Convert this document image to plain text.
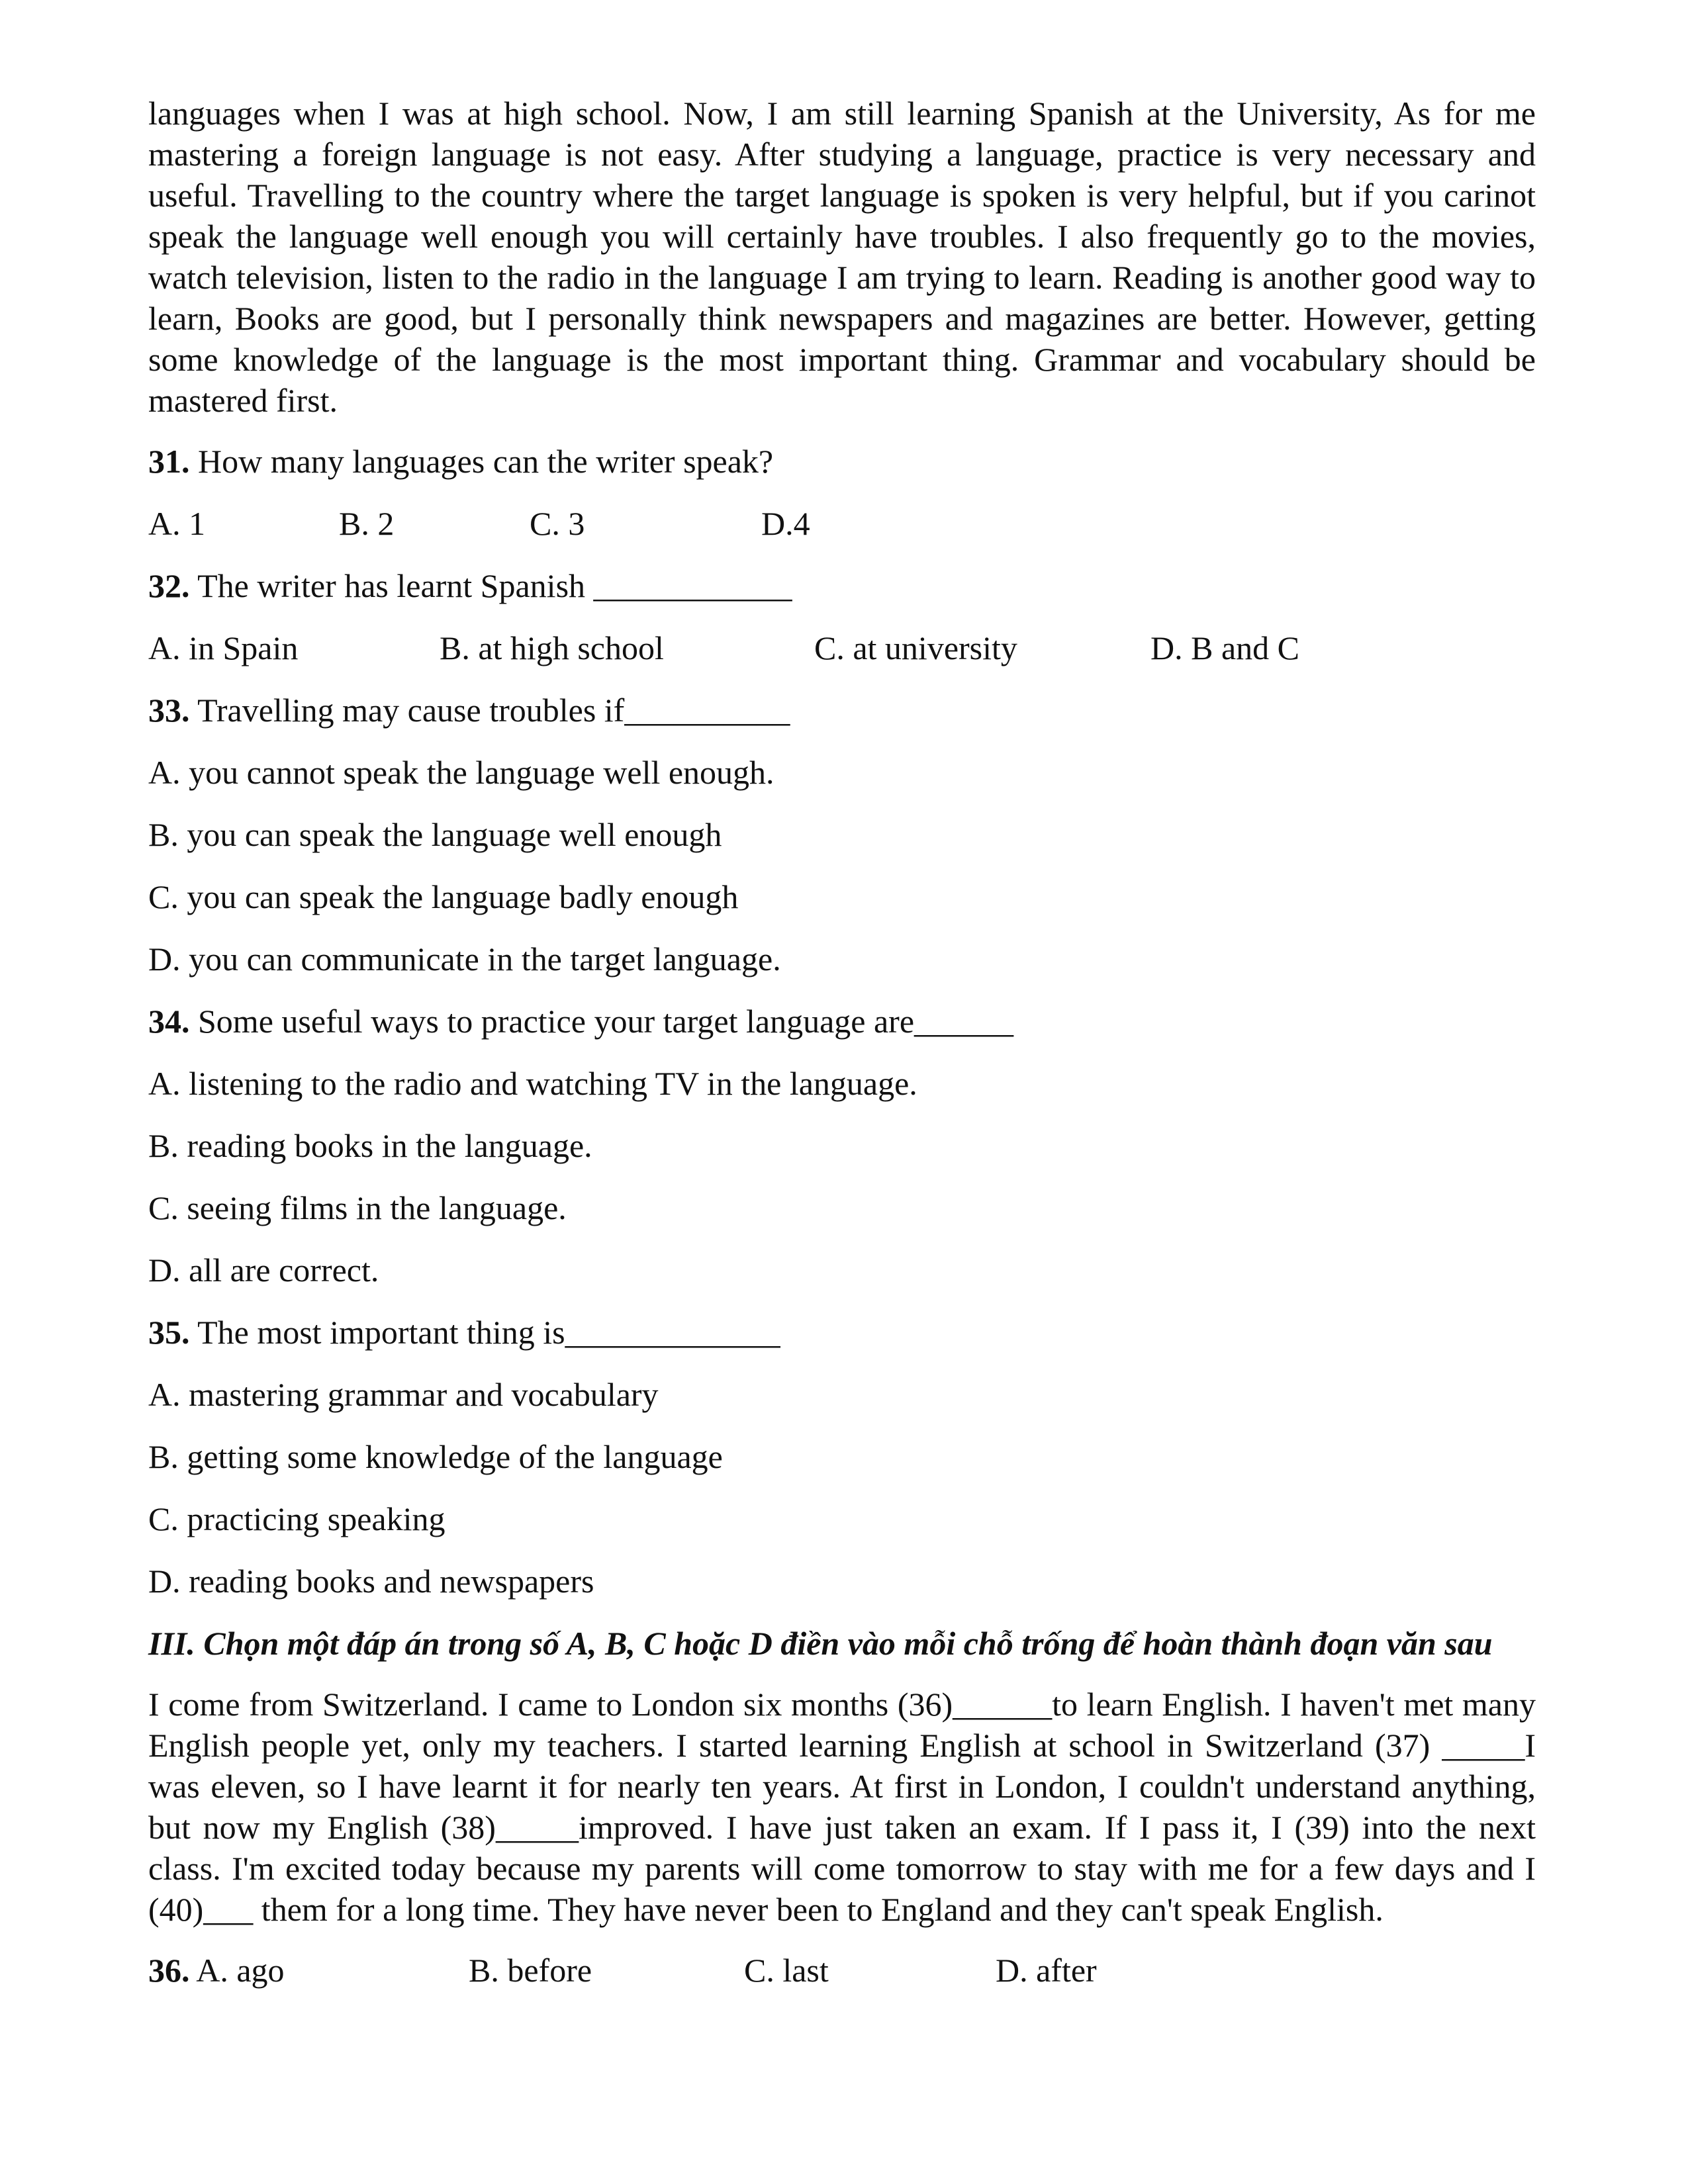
languages when I was at high school. Now, I am still learning Spanish at the University, As for me mastering a foreign language is not easy. After studying a language, practice is very necessary and useful. Travelling to the country where the target language is spoken is very helpful, but if you carinot speak the language well enough you will certainly have troubles. I also frequently go to the movies, watch television, listen to the radio in the language I am trying to learn. Reading is another good way to learn, Books are good, but I personally think newspapers and magazines are better. However, getting some knowledge of the language is the most important thing. Grammar and vocabulary should be mastered first.

31. How many languages can the writer speak?

A. 1	B. 2	C. 3	D.4

32. The writer has learnt Spanish ____________

A. in Spain	B. at high school	C. at university	D. B and C

33. Travelling may cause troubles if__________

A. you cannot speak the language well enough.

B. you can speak the language well enough

C. you can speak the language badly enough

D. you can communicate in the target language.

34. Some useful ways to practice your target language are______

A. listening to the radio and watching TV in the language.

B. reading books in the language.

C. seeing films in the language.

D. all are correct.

35. The most important thing is_____________

A. mastering grammar and vocabulary

B. getting some knowledge of the language

C. practicing speaking

D. reading books and newspapers

III. Chọn một đáp án trong số A, B, C hoặc D điền vào mỗi chỗ trống để hoàn thành đoạn văn sau

I come from Switzerland. I came to London six months (36)______to learn English. I haven't met many English people yet, only my teachers. I started learning English at school in Switzerland (37) _____I was eleven, so I have learnt it for nearly ten years. At first in London, I couldn't understand anything, but now my English (38)_____improved. I have just taken an exam. If I pass it, I (39) into the next class. I'm excited today because my parents will come tomorrow to stay with me for a few days and I (40)___ them for a long time. They have never been to England and they can't speak English.

36. A. ago	B. before	C. last	D. after
